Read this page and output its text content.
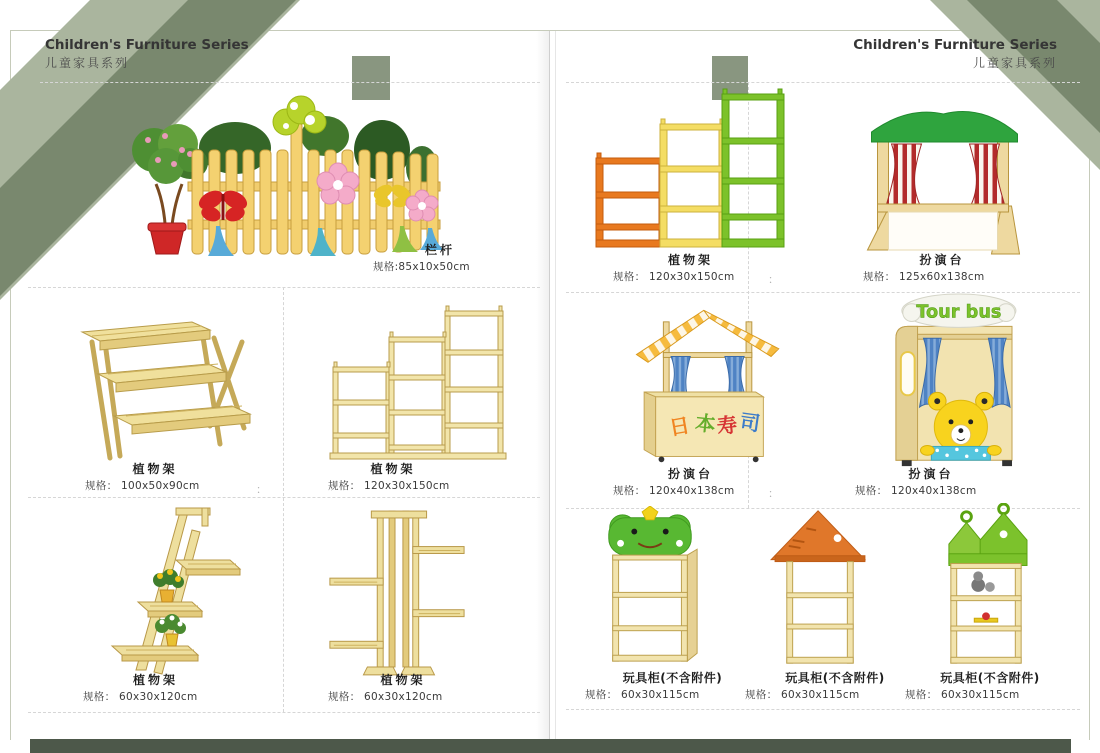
Children's Furniture Series
儿童家具系列
Children's Furniture Series
儿童家具系列
日 本 寿 司
Tour bus
栏杆
规格:85x10x50cm
植物架
规格： 100x50x90cm
植物架
规格： 120x30x150cm
植物架
规格： 60x30x120cm
植物架
规格： 60x30x120cm
植物架
规格： 120x30x150cm
扮演台
规格： 125x60x138cm
扮演台
规格： 120x40x138cm
扮演台
规格： 120x40x138cm
玩具柜(不含附件)
规格： 60x30x115cm
玩具柜(不含附件)
规格： 60x30x115cm
玩具柜(不含附件)
规格： 60x30x115cm
：
：
：
